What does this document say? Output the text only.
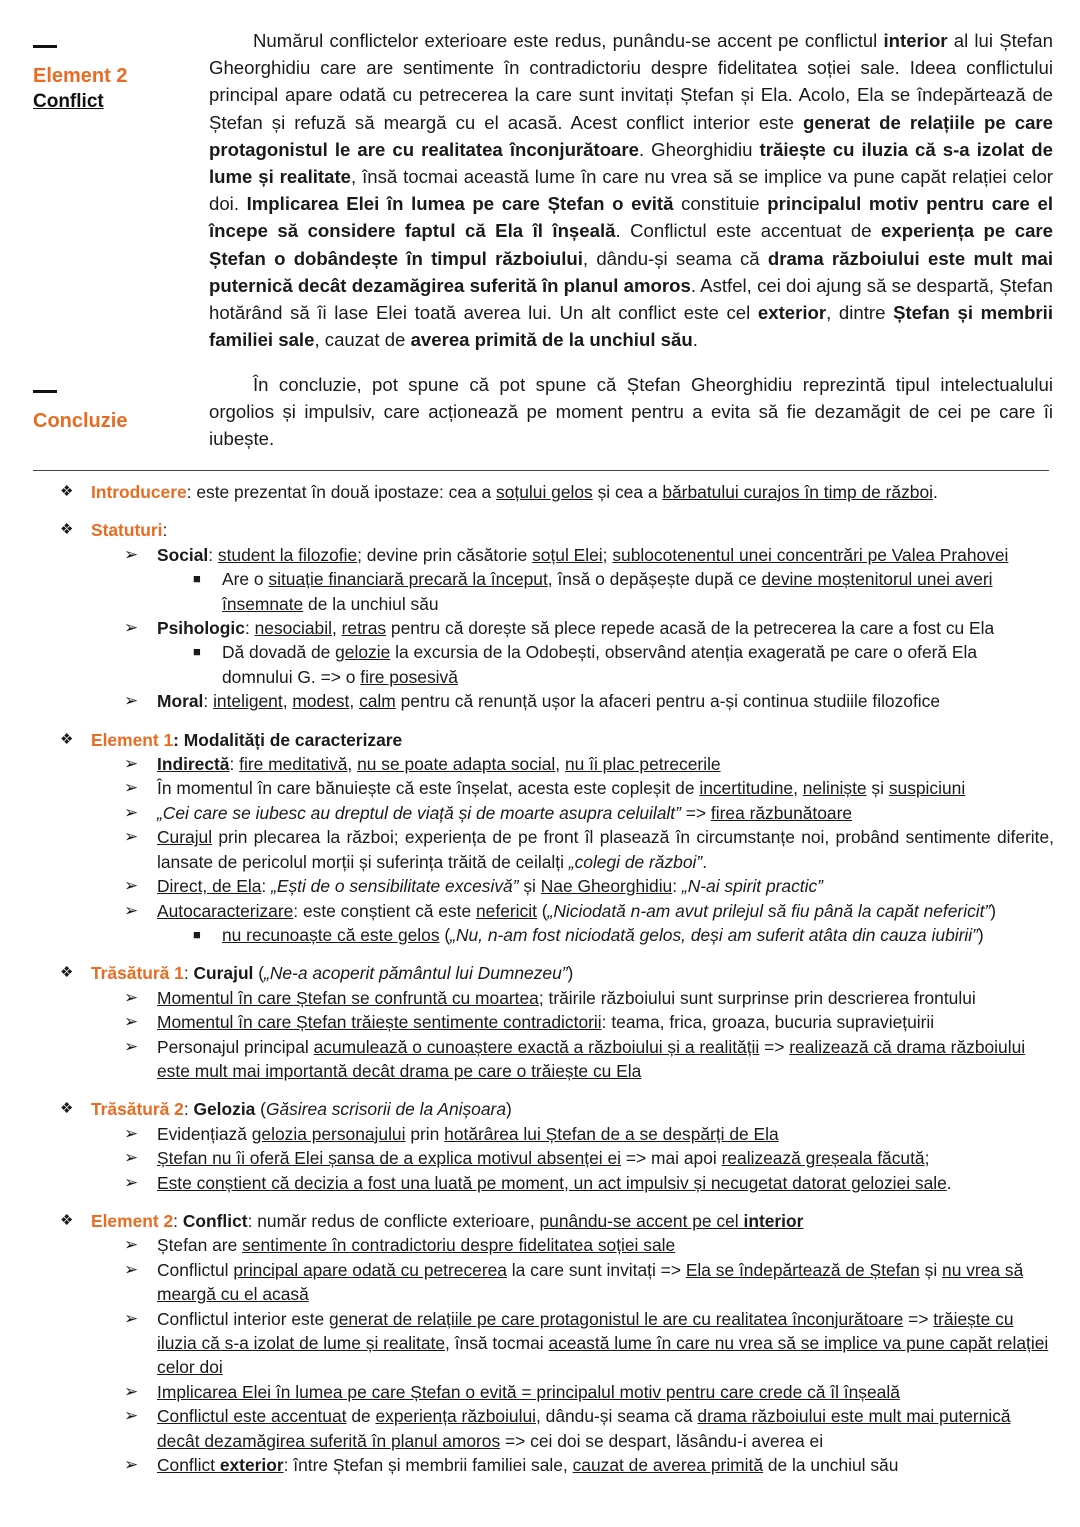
Element 2
Conflict

Numărul conflictelor exterioare este redus, punându-se accent pe conflictul interior al lui Ștefan Gheorghidiu care are sentimente în contradictoriu despre fidelitatea soției sale. Ideea conflictului principal apare odată cu petrecerea la care sunt invitați Ștefan și Ela. Acolo, Ela se îndepărtează de Ștefan și refuză să meargă cu el acasă. Acest conflict interior este generat de relațiile pe care protagonistul le are cu realitatea înconjurătoare. Gheorghidiu trăiește cu iluzia că s-a izolat de lume și realitate, însă tocmai această lume în care nu vrea să se implice va pune capăt relației celor doi. Implicarea Elei în lumea pe care Ștefan o evită constituie principalul motiv pentru care el începe să considere faptul că Ela îl înșeală. Conflictul este accentuat de experiența pe care Ștefan o dobândește în timpul războiului, dându-și seama că drama războiului este mult mai puternică decât dezamăgirea suferită în planul amoros. Astfel, cei doi ajung să se despartă, Ștefan hotărând să îi lase Elei toată averea lui. Un alt conflict este cel exterior, dintre Ștefan și membrii familiei sale, cauzat de averea primită de la unchiul său.

Concluzie

În concluzie, pot spune că pot spune că Ștefan Gheorghidiu reprezintă tipul intelectualului orgolios și impulsiv, care acționează pe moment pentru a evita să fie dezamăgit de cei pe care îi iubește.

❖ Introducere: este prezentat în două ipostaze: cea a soțului gelos și cea a bărbatului curajos în timp de război.
❖ Statuturi:
➢ Social: student la filozofie; devine prin căsătorie soțul Elei; sublocotenentul unei concentrări pe Valea Prahovei
■ Are o situație financiară precară la început, însă o depășește după ce devine moștenitorul unei averi însemnate de la unchiul său
➢ Psihologic: nesociabil, retras pentru că dorește să plece repede acasă de la petrecerea la care a fost cu Ela
■ Dă dovadă de gelozie la excursia de la Odobești, observând atenția exagerată pe care o oferă Ela domnului G. => o fire posesivă
➢ Moral: inteligent, modest, calm pentru că renunță ușor la afaceri pentru a-și continua studiile filozofice
❖ Element 1: Modalități de caracterizare
➢ Indirectă: fire meditativă, nu se poate adapta social, nu îi plac petrecerile
➢ În momentul în care bănuiește că este înșelat, acesta este copleșit de incertitudine, neliniște și suspiciuni
➢ „Cei care se iubesc au dreptul de viață și de moarte asupra celuilalt” => firea răzbunătoare
➢ Curajul prin plecarea la război; experiența de pe front îl plasează în circumstanțe noi, probând sentimente diferite, lansate de pericolul morții și suferința trăită de ceilalți „colegi de război”.
➢ Direct, de Ela: „Ești de o sensibilitate excesivă” și Nae Gheorghidiu: „N-ai spirit practic”
➢ Autocaracterizare: este conștient că este nefericit („Niciodată n-am avut prilejul să fiu până la capăt nefericit”)
■ nu recunoaște că este gelos („Nu, n-am fost niciodată gelos, deși am suferit atâta din cauza iubirii”)
❖ Trăsătură 1: Curajul („Ne-a acoperit pământul lui Dumnezeu”)
➢ Momentul în care Ștefan se confruntă cu moartea; trăirile războiului sunt surprinse prin descrierea frontului
➢ Momentul în care Ștefan trăiește sentimente contradictorii: teama, frica, groaza, bucuria supraviețuirii
➢ Personajul principal acumulează o cunoaștere exactă a războiului și a realității => realizează că drama războiului este mult mai importantă decât drama pe care o trăiește cu Ela
❖ Trăsătură 2: Gelozia (Găsirea scrisorii de la Anișoara)
➢ Evidențiază gelozia personajului prin hotărârea lui Ștefan de a se despărți de Ela
➢ Ștefan nu îi oferă Elei șansa de a explica motivul absenței ei => mai apoi realizează greșeala făcută;
➢ Este conștient că decizia a fost una luată pe moment, un act impulsiv și necugetat datorat geloziei sale.
❖ Element 2: Conflict: număr redus de conflicte exterioare, punându-se accent pe cel interior
➢ Ștefan are sentimente în contradictoriu despre fidelitatea soției sale
➢ Conflictul principal apare odată cu petrecerea la care sunt invitați => Ela se îndepărtează de Ștefan și nu vrea să meargă cu el acasă
➢ Conflictul interior este generat de relațiile pe care protagonistul le are cu realitatea înconjurătoare => trăiește cu iluzia că s-a izolat de lume și realitate, însă tocmai această lume în care nu vrea să se implice va pune capăt relației celor doi
➢ Implicarea Elei în lumea pe care Ștefan o evită = principalul motiv pentru care crede că îl înșeală
➢ Conflictul este accentuat de experiența războiului, dându-și seama că drama războiului este mult mai puternică decât dezamăgirea suferită în planul amoros => cei doi se despart, lăsându-i averea ei
➢ Conflict exterior: între Ștefan și membrii familiei sale, cauzat de averea primită de la unchiul său
